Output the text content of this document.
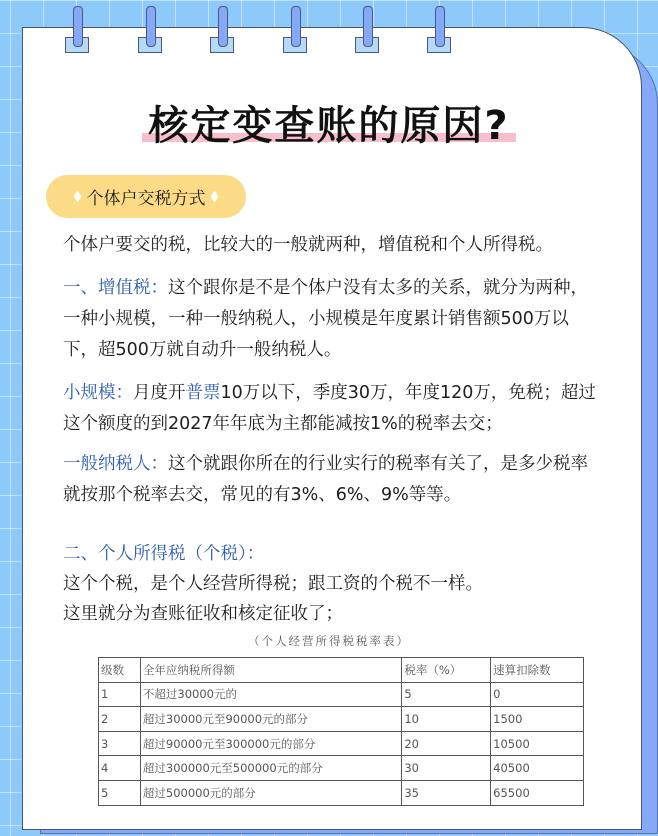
核定变查账的原因?
个体户交税方式
个体户要交的税，比较大的一般就两种，增值税和个人所得税。
一、增值税：这个跟你是不是个体户没有太多的关系，就分为两种，一种小规模，一种一般纳税人，小规模是年度累计销售额500万以下，超500万就自动升一般纳税人。
小规模：月度开普票10万以下，季度30万，年度120万，免税；超过这个额度的到2027年年底为主都能减按1%的税率去交；
一般纳税人：这个就跟你所在的行业实行的税率有关了，是多少税率就按那个税率去交，常见的有3%、6%、9%等等。
二、个人所得税（个税）：
这个个税，是个人经营所得税；跟工资的个税不一样。
这里就分为查账征收和核定征收了；
（个人经营所得税税率表）
级数	全年应纳税所得额	税率（%）	速算扣除数
1	不超过30000元的	5	0
2	超过30000元至90000元的部分	10	1500
3	超过90000元至300000元的部分	20	10500
4	超过300000元至500000元的部分	30	40500
5	超过500000元的部分	35	65500
